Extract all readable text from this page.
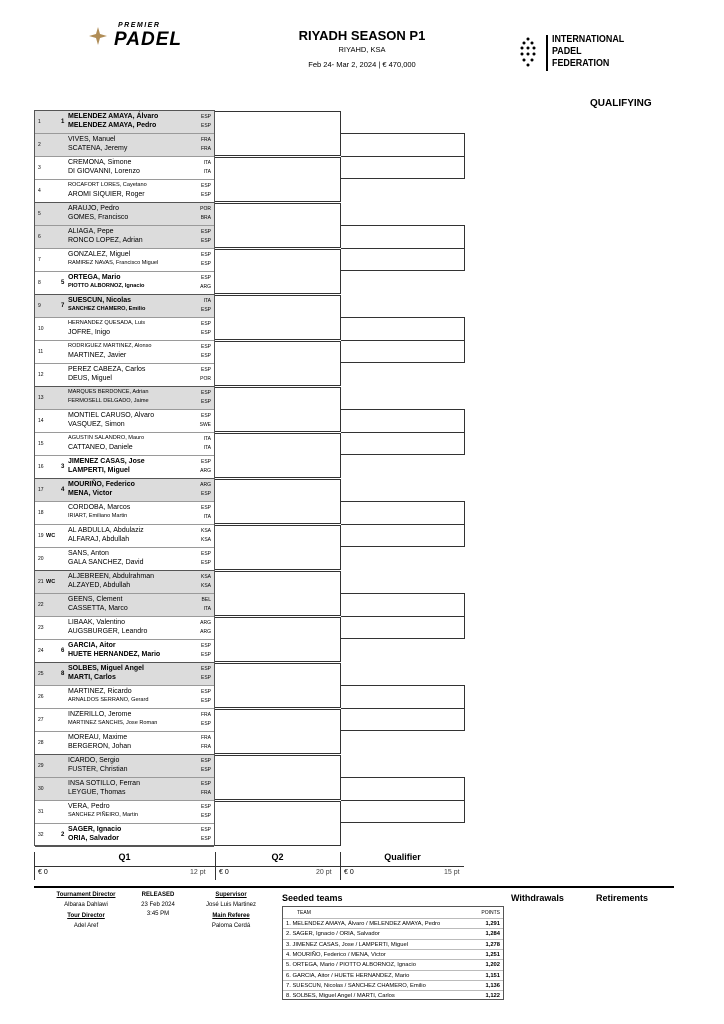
PREMIER
PADEL	RIYADH SEASON P1
RIYAHD, KSA
Feb 24- Mar 2, 2024 | € 470,000
INTERNATIONAL
PADEL
FEDERATION
QUALIFYING
1	1
MELENDEZ AMAYA, Álvaro
MELENDEZ AMAYA, Pedro
ESP
ESP
2
VIVES, Manuel
SCATENA, Jeremy
FRA
FRA
3
CREMONA, Simone
DI GIOVANNI, Lorenzo
ITA
ITA
4
ROCAFORT LORES, Cayetano
AROMI SIQUIER, Roger
ESP
ESP
5
ARAUJO, Pedro
GOMES, Francisco
POR
BRA
6
ALIAGA, Pepe
RONCO LOPEZ, Adrian
ESP
ESP
7
GONZALEZ, Miguel
RAMIREZ NAVAS, Francisco Miguel
ESP
ESP
8	5
ORTEGA, Mario
PIOTTO ALBORNOZ, Ignacio
ESP
ARG
9	7
SUESCUN, Nicolas
SANCHEZ CHAMERO, Emilio
ITA
ESP
10
HERNANDEZ QUESADA, Luis
JOFRE, Inigo
ESP
ESP
11
RODRIGUEZ MARTINEZ, Alonso
MARTINEZ, Javier
ESP
ESP
12
PEREZ CABEZA, Carlos
DEUS, Miguel
ESP
POR
13
MARQUES BERDONCE, Adrian
FERMOSELL DELGADO, Jaime
ESP
ESP
14
MONTIEL CARUSO, Alvaro
VASQUEZ, Simon
ESP
SWE
15
AGUSTIN SALANDRO, Mauro
CATTANEO, Daniele
ITA
ITA
16	3
JIMENEZ CASAS, Jose
LAMPERTI, Miguel
ESP
ARG
17	4
MOURIÑO, Federico
MENA, Victor
ARG
ESP
18
CORDOBA, Marcos
IRIART, Emiliano Martin
ESP
ITA
19 WC
AL ABDULLA, Abdulaziz
ALFARAJ, Abdullah
KSA
KSA
20
SANS, Anton
GALA SANCHEZ, David
ESP
ESP
21 WC
ALJEBREEN, Abdulrahman
ALZAYED, Abdullah
KSA
KSA
22
GEENS, Clement
CASSETTA, Marco
BEL
ITA
23
LIBAAK, Valentino
AUGSBURGER, Leandro
ARG
ARG
24	6
GARCIA, Aitor
HUETE HERNANDEZ, Mario
ESP
ESP
25	8
SOLBES, Miguel Angel
MARTI, Carlos
ESP
ESP
26
MARTINEZ, Ricardo
ARNALDOS SERRANO, Gerard
ESP
ESP
27
INZERILLO, Jerome
MARTINEZ SANCHIS, Jose Roman
FRA
ESP
28
MOREAU, Maxime
BERGERON, Johan
FRA
FRA
29
ICARDO, Sergio
FUSTER, Christian
ESP
ESP
30
INSA SOTILLO, Ferran
LEYGUE, Thomas
ESP
FRA
31
VERA, Pedro
SANCHEZ PIÑEIRO, Martin
ESP
ESP
32	2
SAGER, Ignacio
ORIA, Salvador
ESP
ESP
Q1	Q2	Qualifier
€ 0	12 pt € 0	20 pt € 0	15 pt
Tournament Director
Albaraa Dahlawi
Tour Director
Adel Aref
RELEASED
23 Feb 2024
3:45 PM
Supervisor
José Luis Martinez
Main Referee
Paloma Cerdá
Seeded teams	Withdrawals	Retirements
TEAM	POINTS
1. MELENDEZ AMAYA, Álvaro / MELENDEZ AMAYA, Pedro	1,291
2. SAGER, Ignacio / ORIA, Salvador	1,284
3. JIMENEZ CASAS, Jose / LAMPERTI, Miguel	1,278
4. MOURIÑO, Federico / MENA, Victor	1,251
5. ORTEGA, Mario / PIOTTO ALBORNOZ, Ignacio	1,202
6. GARCIA, Aitor / HUETE HERNANDEZ, Mario	1,151
7. SUESCUN, Nicolas / SANCHEZ CHAMERO, Emilio	1,136
8. SOLBES, Miguel Angel / MARTI, Carlos	1,122
